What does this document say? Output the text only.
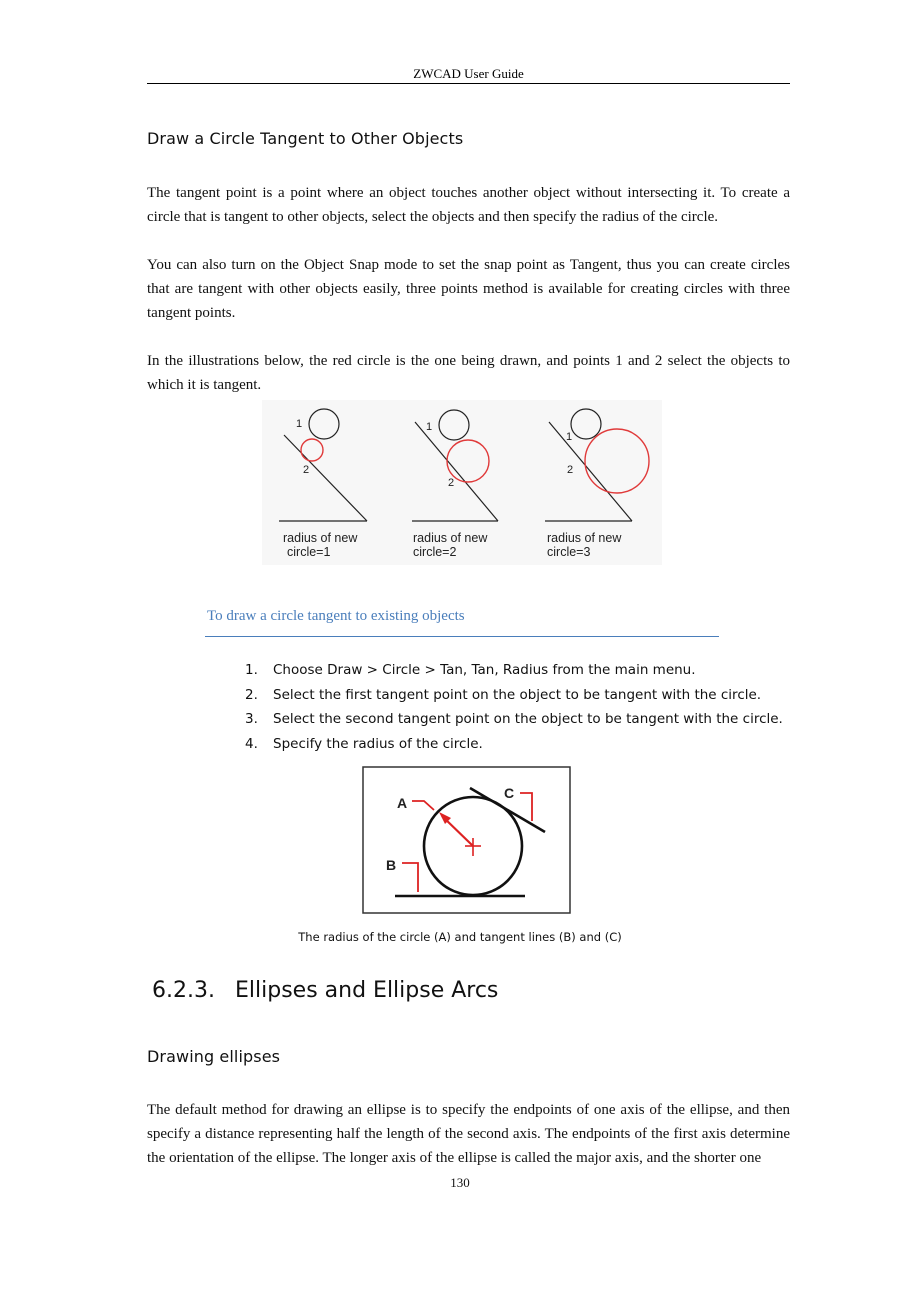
ZWCAD User Guide
Draw a Circle Tangent to Other Objects
The tangent point is a point where an object touches another object without intersecting it. To create a circle that is tangent to other objects, select the objects and then specify the radius of the circle.
You can also turn on the Object Snap mode to set the snap point as Tangent, thus you can create circles that are tangent with other objects easily, three points method is available for creating circles with three tangent points.
In the illustrations below, the red circle is the one being drawn, and points 1 and 2 select the objects to which it is tangent.
1
2
radius of new
circle=1
1
2
radius of new
circle=2
1
2
radius of new
circle=3
To draw a circle tangent to existing objects
1. Choose Draw > Circle > Tan, Tan, Radius from the main menu.
2. Select the first tangent point on the object to be tangent with the circle.
3. Select the second tangent point on the object to be tangent with the circle.
4. Specify the radius of the circle.
A
B
C
The radius of the circle (A) and tangent lines (B) and (C)
6.2.3. Ellipses and Ellipse Arcs
Drawing ellipses
The default method for drawing an ellipse is to specify the endpoints of one axis of the ellipse, and then specify a distance representing half the length of the second axis. The endpoints of the first axis determine the orientation of the ellipse. The longer axis of the ellipse is called the major axis, and the shorter one
130
